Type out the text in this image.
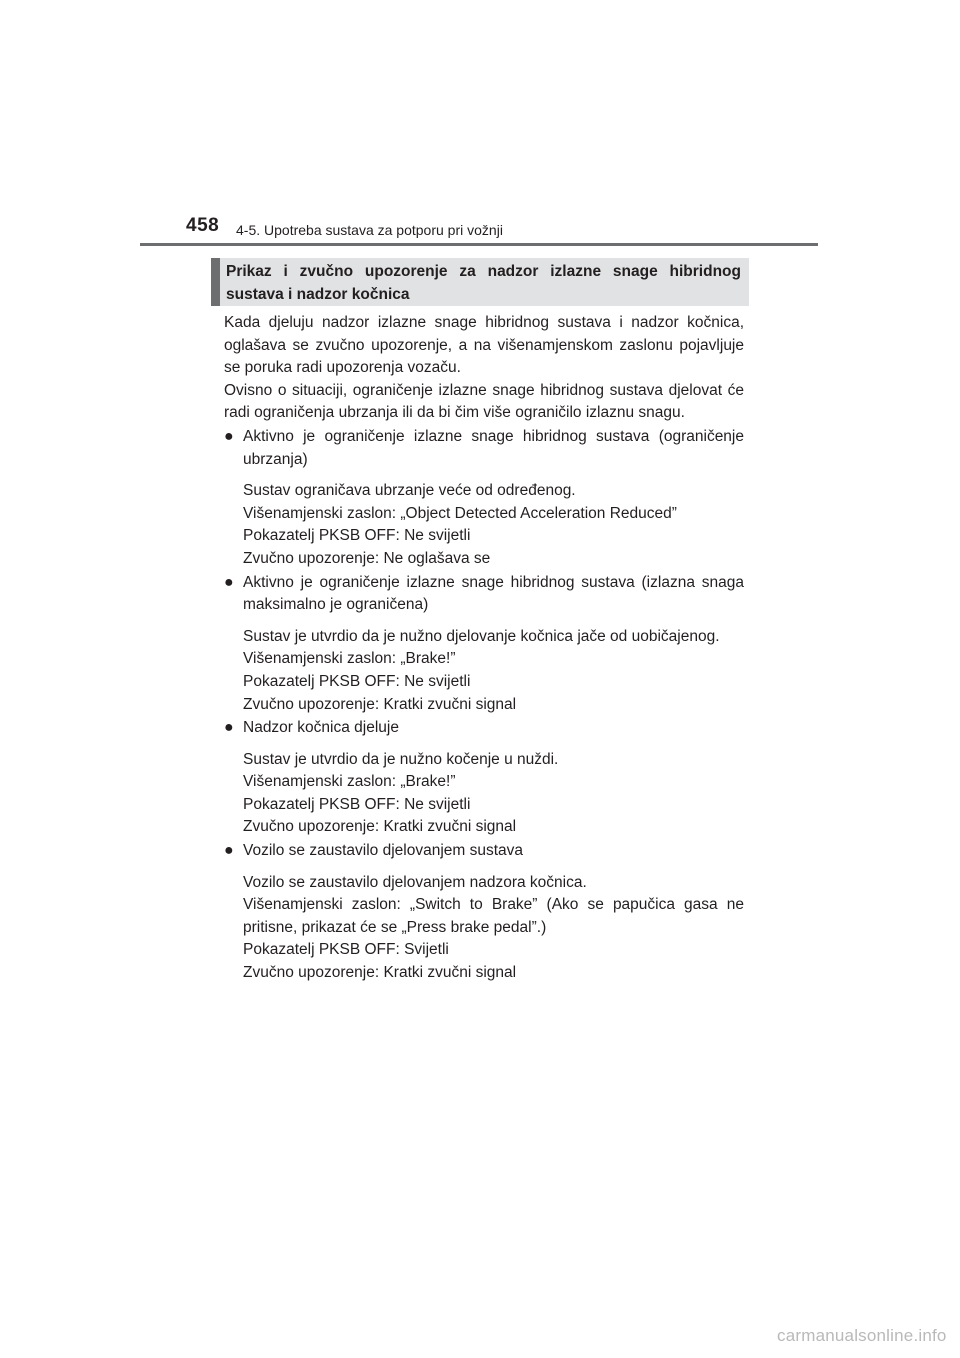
458 4-5. Upotreba sustava za potporu pri vožnji
Prikaz i zvučno upozorenje za nadzor izlazne snage hibridnog sustava i nadzor kočnica

Kada djeluju nadzor izlazne snage hibridnog sustava i nadzor kočnica, oglašava se zvučno upozorenje, a na višenamjenskom zaslonu pojavljuje se poruka radi upozorenja vozaču.

Ovisno o situaciji, ograničenje izlazne snage hibridnog sustava djelovat će radi ograničenja ubrzanja ili da bi čim više ograničilo izlaznu snagu.

● Aktivno je ograničenje izlazne snage hibridnog sustava (ograničenje ubrzanja)
Sustav ograničava ubrzanje veće od određenog.
Višenamjenski zaslon: „Object Detected Acceleration Reduced”
Pokazatelj PKSB OFF: Ne svijetli
Zvučno upozorenje: Ne oglašava se
● Aktivno je ograničenje izlazne snage hibridnog sustava (izlazna snaga maksimalno je ograničena)
Sustav je utvrdio da je nužno djelovanje kočnica jače od uobičajenog.
Višenamjenski zaslon: „Brake!”
Pokazatelj PKSB OFF: Ne svijetli
Zvučno upozorenje: Kratki zvučni signal
● Nadzor kočnica djeluje
Sustav je utvrdio da je nužno kočenje u nuždi.
Višenamjenski zaslon: „Brake!”
Pokazatelj PKSB OFF: Ne svijetli
Zvučno upozorenje: Kratki zvučni signal
● Vozilo se zaustavilo djelovanjem sustava
Vozilo se zaustavilo djelovanjem nadzora kočnica.
Višenamjenski zaslon: „Switch to Brake” (Ako se papučica gasa ne pritisne, prikazat će se „Press brake pedal”.)
Pokazatelj PKSB OFF: Svijetli
Zvučno upozorenje: Kratki zvučni signal
carmanualsonline.info
